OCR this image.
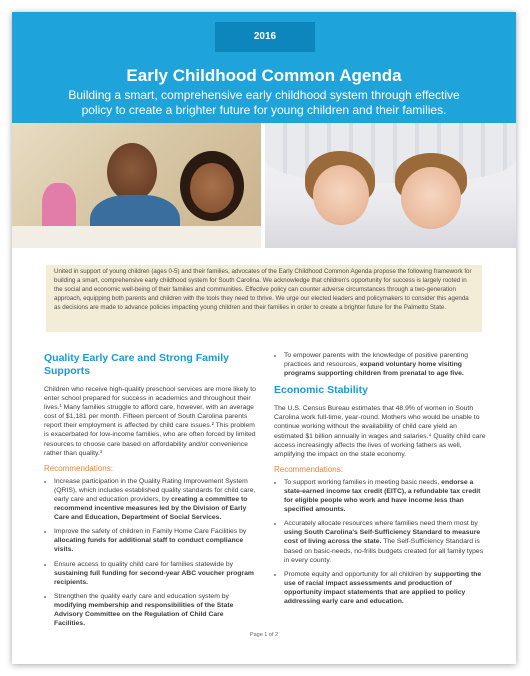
2016
Early Childhood Common Agenda
Building a smart, comprehensive early childhood system through effective policy to create a brighter future for young children and their families.
United in support of young children (ages 0-5) and their families, advocates of the Early Childhood Common Agenda propose the following framework for building a smart, comprehensive early childhood system for South Carolina. We acknowledge that children's opportunity for success is largely rooted in the social and economic well-being of their families and communities. Effective policy can counter adverse circumstances through a two-generation approach, equipping both parents and children with the tools they need to thrive. We urge our elected leaders and policymakers to consider this agenda as decisions are made to advance policies impacting young children and their families in order to create a brighter future for the Palmetto State.
Quality Early Care and Strong Family Supports

Children who receive high-quality preschool services are more likely to enter school prepared for success in academics and throughout their lives.¹ Many families struggle to afford care, however, with an average cost of $1,181 per month. Fifteen percent of South Carolina parents report their employment is affected by child care issues.² This problem is exacerbated for low-income families, who are often forced by limited resources to choose care based on affordability and/or convenience rather than quality.³

Recommendations:
• Increase participation in the Quality Rating Improvement System (QRIS), which includes established quality standards for child care, early care and education providers, by creating a committee to recommend incentive measures led by the Division of Early Care and Education, Department of Social Services.
• Improve the safety of children in Family Home Care Facilities by allocating funds for additional staff to conduct compliance visits.
• Ensure access to quality child care for families statewide by sustaining full funding for second-year ABC voucher program recipients.
• Strengthen the quality early care and education system by modifying membership and responsibilities of the State Advisory Committee on the Regulation of Child Care Facilities.
• To empower parents with the knowledge of positive parenting practices and resources, expand voluntary home visiting programs supporting children from prenatal to age five.
Economic Stability

The U.S. Census Bureau estimates that 48.9% of women in South Carolina work full-time, year-round. Mothers who would be unable to continue working without the availability of child care yield an estimated $1 billion annually in wages and salaries.⁴ Quality child care access increasingly affects the lives of working fathers as well, amplifying the impact on the state economy.

Recommendations:
• To support working families in meeting basic needs, endorse a state-earned income tax credit (EITC), a refundable tax credit for eligible people who work and have income less than specified amounts.
• Accurately allocate resources where families need them most by using South Carolina's Self-Sufficiency Standard to measure cost of living across the state. The Self-Sufficiency Standard is based on basic-needs, no-frills budgets created for all family types in every county.
• Promote equity and opportunity for all children by supporting the use of racial impact assessments and production of opportunity impact statements that are applied to policy addressing early care and education.
Page 1 of 2
